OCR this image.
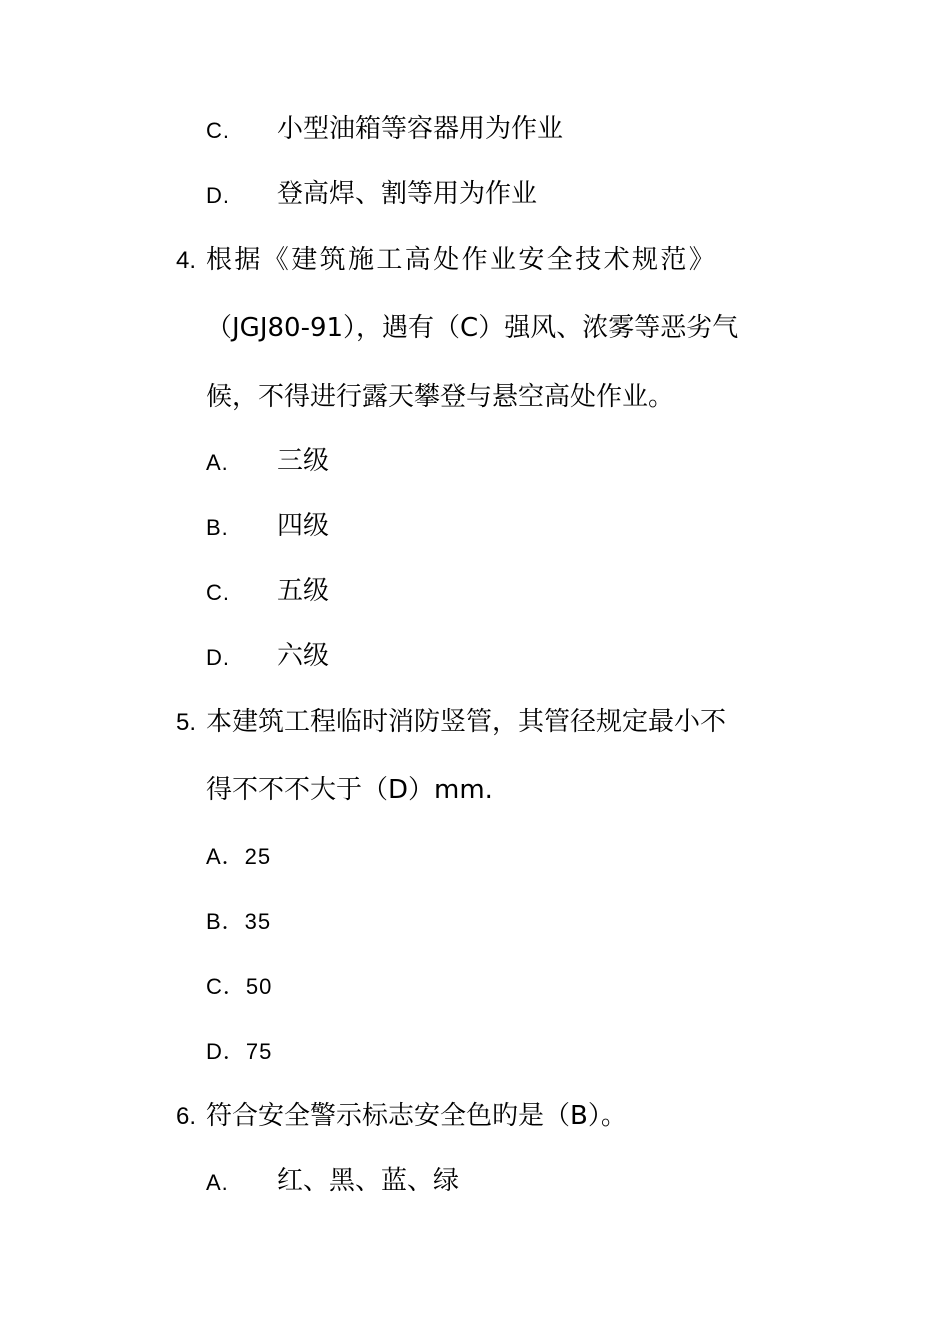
C. 小型油箱等容器用为作业
D. 登高焊、割等用为作业
4. 根据《建筑施工高处作业安全技术规范》
（JGJ80-91），遇有（C）强风、浓雾等恶劣气
候，不得进行露天攀登与悬空高处作业。
A. 三级
B. 四级
C. 五级
D. 六级
5. 本建筑工程临时消防竖管，其管径规定最小不
得不不不大于（D）mm.
A．25
B．35
C．50
D．75
6. 符合安全警示标志安全色旳是（B）。
A. 红、黑、蓝、绿
